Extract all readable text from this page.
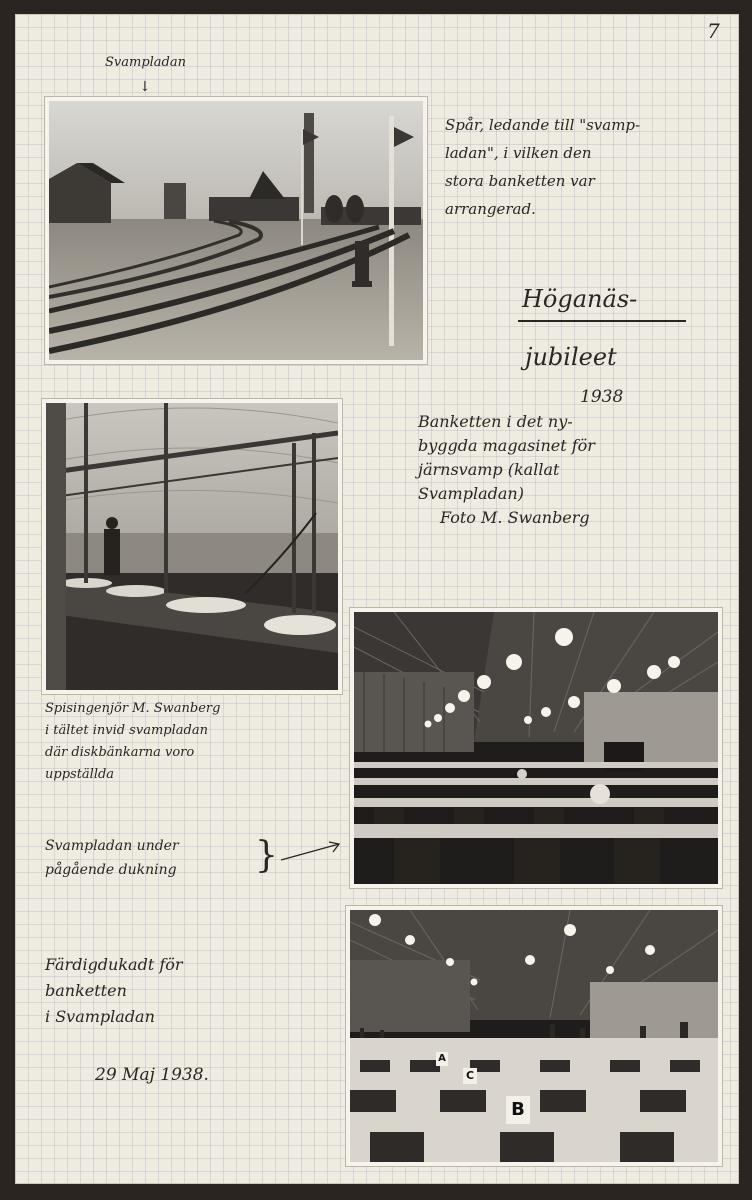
7
Svampladan
↓
Spår, ledande till "svamp-
ladan", i vilken den
stora banketten var
arrangerad.
Höganäs-
jubileet
1938
Banketten i det ny-
byggda magasinet för
järnsvamp (kallat
Svampladan)
Foto M. Swanberg
Spisingenjör M. Swanberg
i tältet invid svampladan
där diskbänkarna voro
uppställda
Svampladan under
pågående dukning }
Färdigdukadt för
banketten
i Svampladan
29 Maj 1938.
A
C
B
